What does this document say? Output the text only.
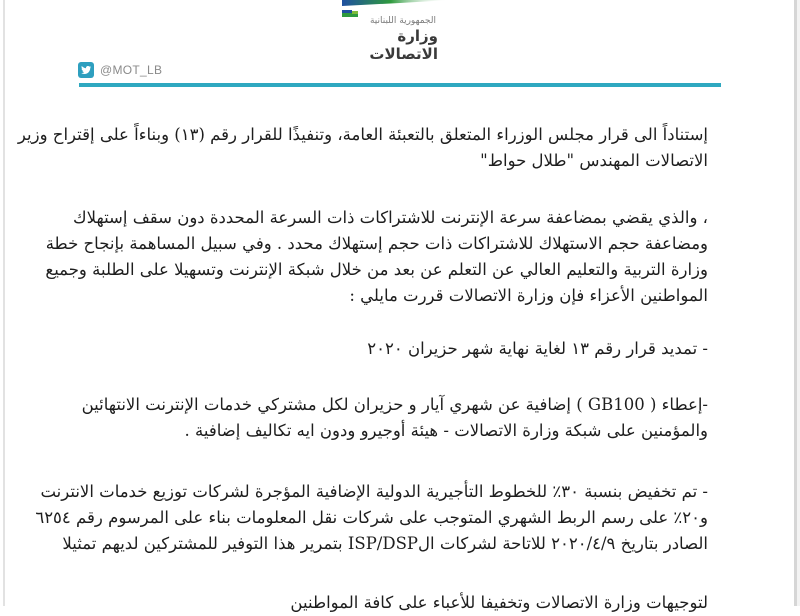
الجمهورية اللبنانية
وزارة الاتصالات
@MOT_LB
إستناداً الى قرار مجلس الوزراء المتعلق بالتعبئة العامة، وتنفيذًا للقرار رقم (١٣) وبناءاً على إقتراح وزير
الاتصالات المهندس "طلال حواط"
، والذي يقضي بمضاعفة سرعة الإنترنت للاشتراكات ذات السرعة المحددة دون سقف إستهلاك
ومضاعفة حجم الاستهلاك للاشتراكات ذات حجم إستهلاك محدد . وفي سبيل المساهمة بإنجاح خطة
وزارة التربية والتعليم العالي عن التعلم عن بعد من خلال شبكة الإنترنت وتسهيلا على الطلبة وجميع
المواطنين الأعزاء فإن وزارة الاتصالات قررت مايلي :
- تمديد قرار رقم ١٣ لغاية نهاية شهر حزيران ٢٠٢٠
-إعطاء ( GB100 ) إضافية عن شهري آيار و حزيران لكل مشتركي خدمات الإنترنت الانتهائين
والمؤمنين على شبكة وزارة الاتصالات - هيئة أوجيرو ودون ايه تكاليف إضافية .
- تم تخفيض بنسبة ٣٠٪ للخطوط التأجيرية الدولية الإضافية المؤجرة لشركات توزيع خدمات الانترنت
و٢٠٪ على رسم الربط الشهري المتوجب على شركات نقل المعلومات بناء على المرسوم رقم ٦٢٥٤
الصادر بتاريخ ٢٠٢٠/٤/٩ للاتاحة لشركات الISP/DSP بتمرير هذا التوفير للمشتركين لديهم تمثيلا
لتوجيهات وزارة الاتصالات وتخفيفا للأعباء على كافة المواطنين
